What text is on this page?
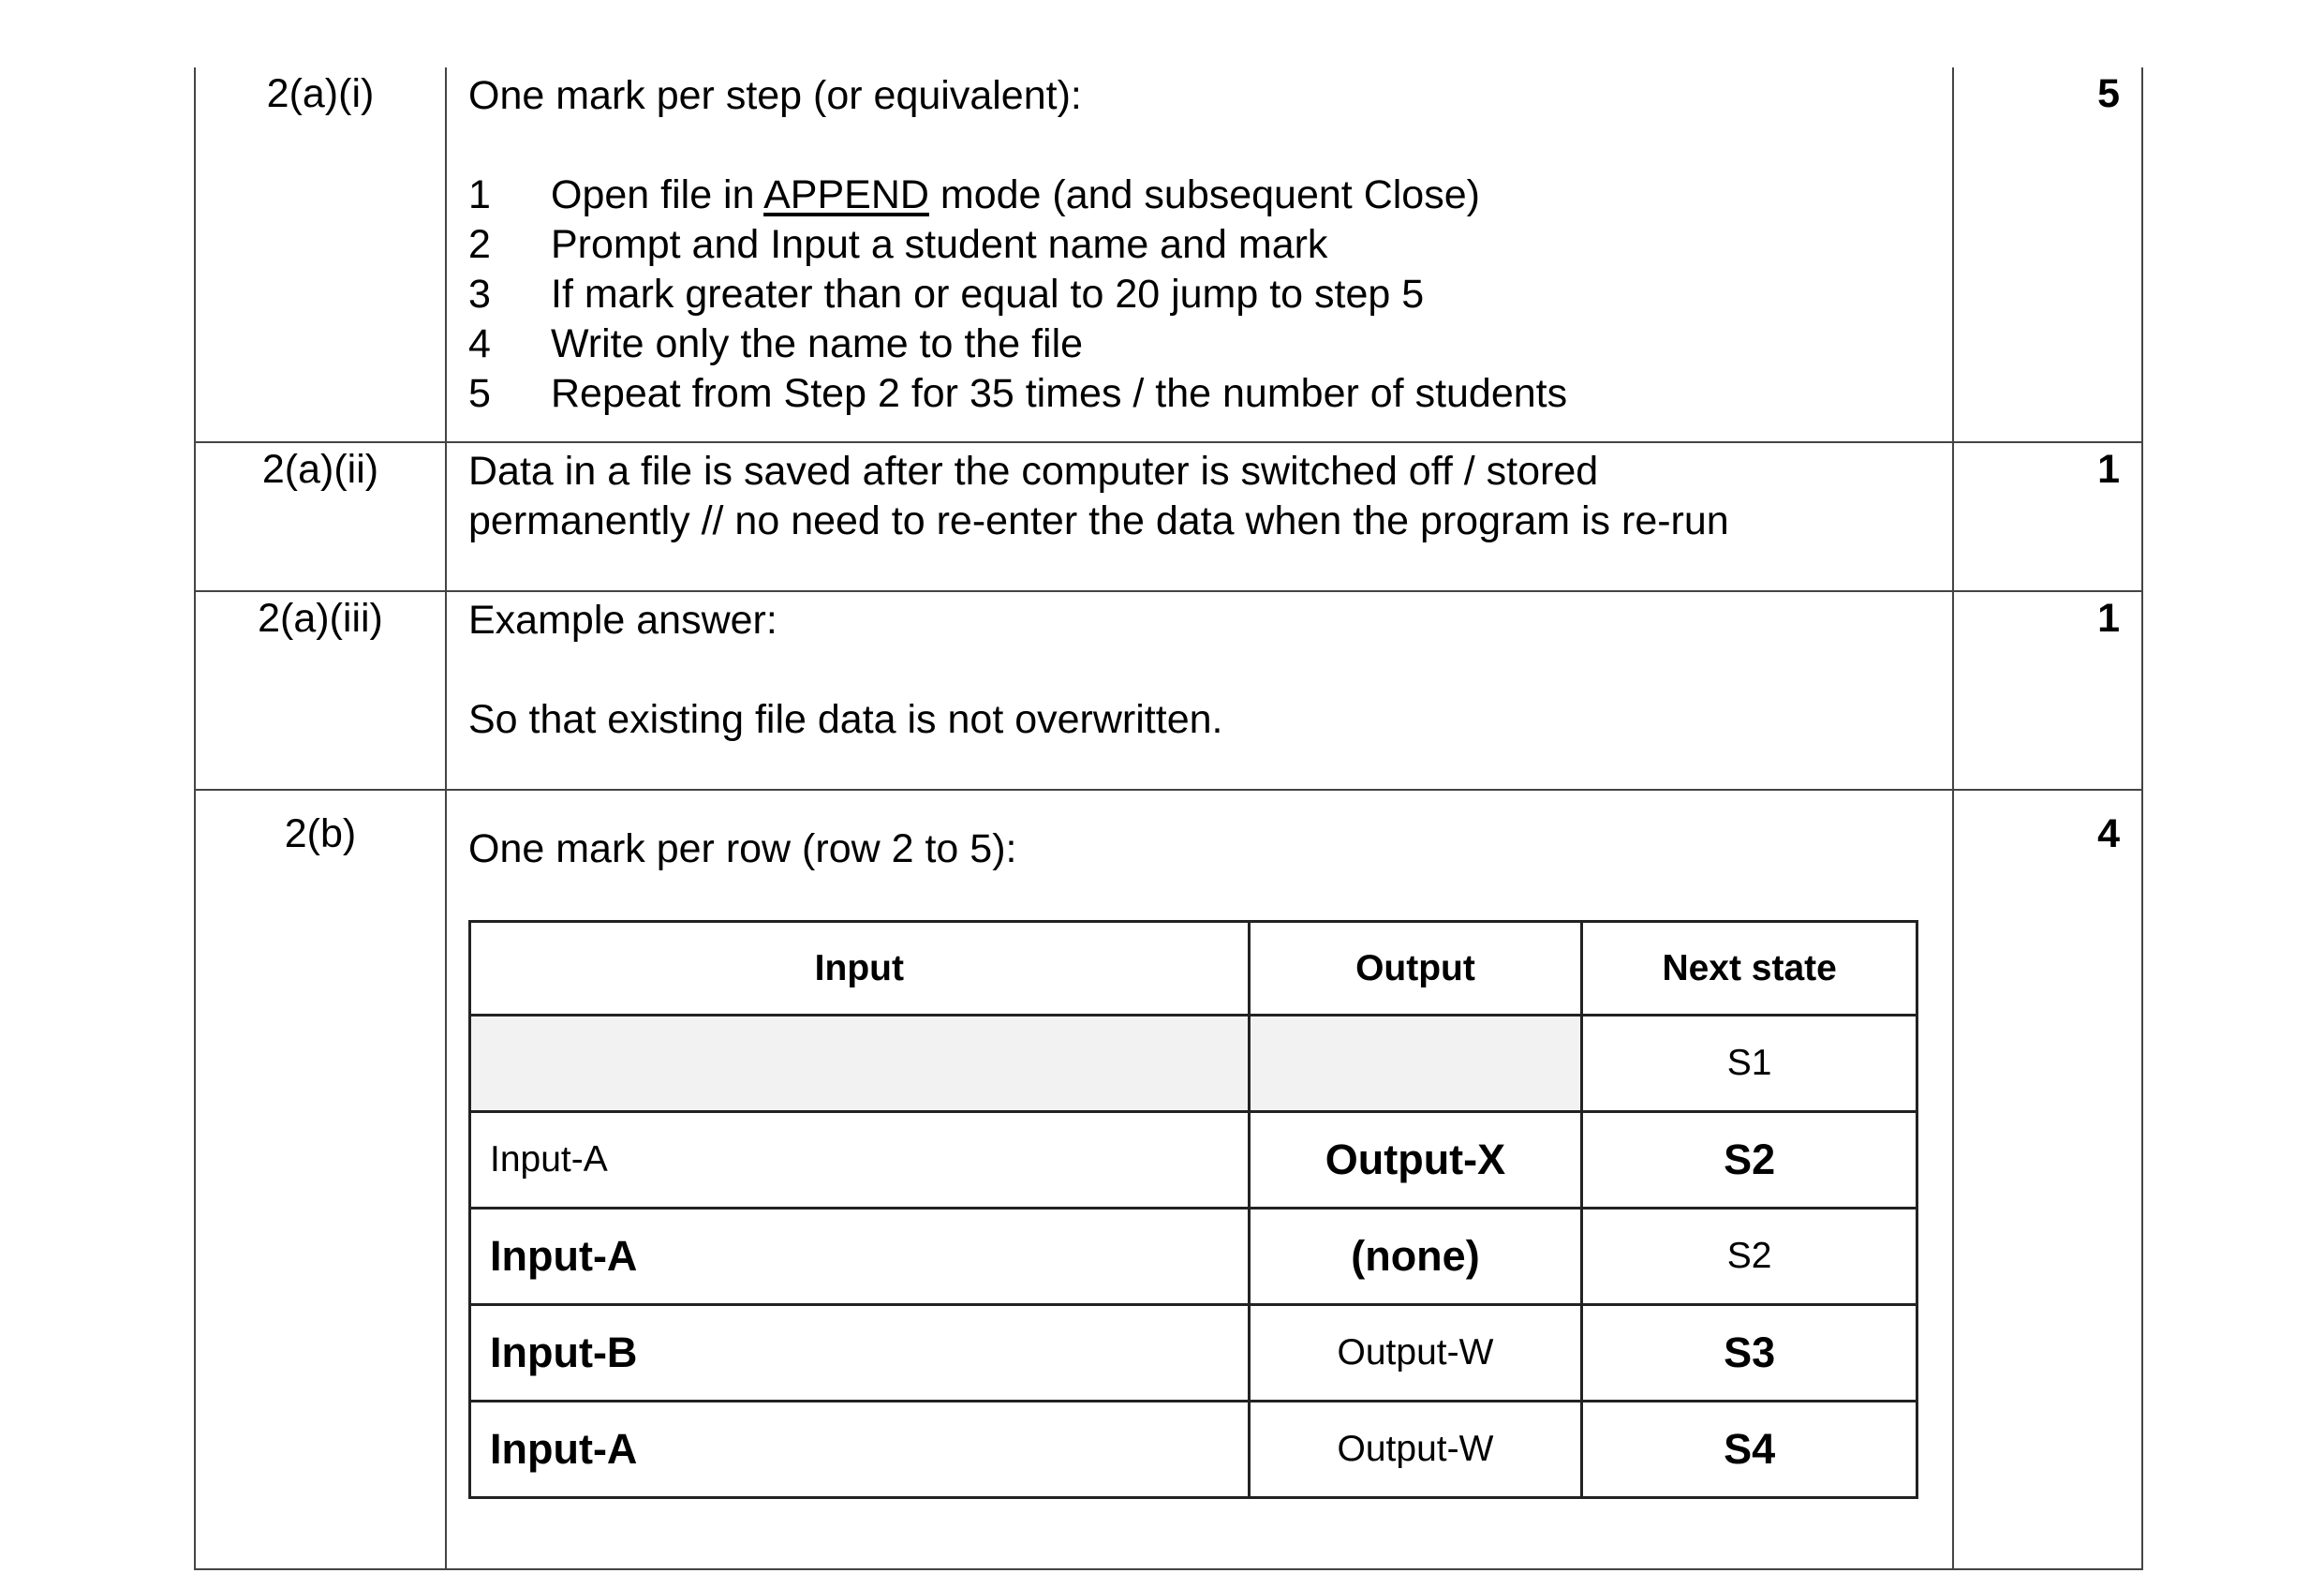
2(a)(i)	One mark per step (or equivalent):
1	Open file in APPEND mode (and subsequent Close)
2	Prompt and Input a student name and mark
3	If mark greater than or equal to 20 jump to step 5
4	Write only the name to the file
5	Repeat from Step 2 for 35 times / the number of students
	5
2(a)(ii)	Data in a file is saved after the computer is switched off / stored
permanently // no need to re-enter the data when the program is re-run
	1
2(a)(iii)	Example answer:
So that existing file data is not overwritten.
	1
2(b)	One mark per row (row 2 to 5):
Input	Output	Next state
		S1
Input-A	Output-X	S2
Input-A	(none)	S2
Input-B	Output-W	S3
Input-A	Output-W	S4
	4
